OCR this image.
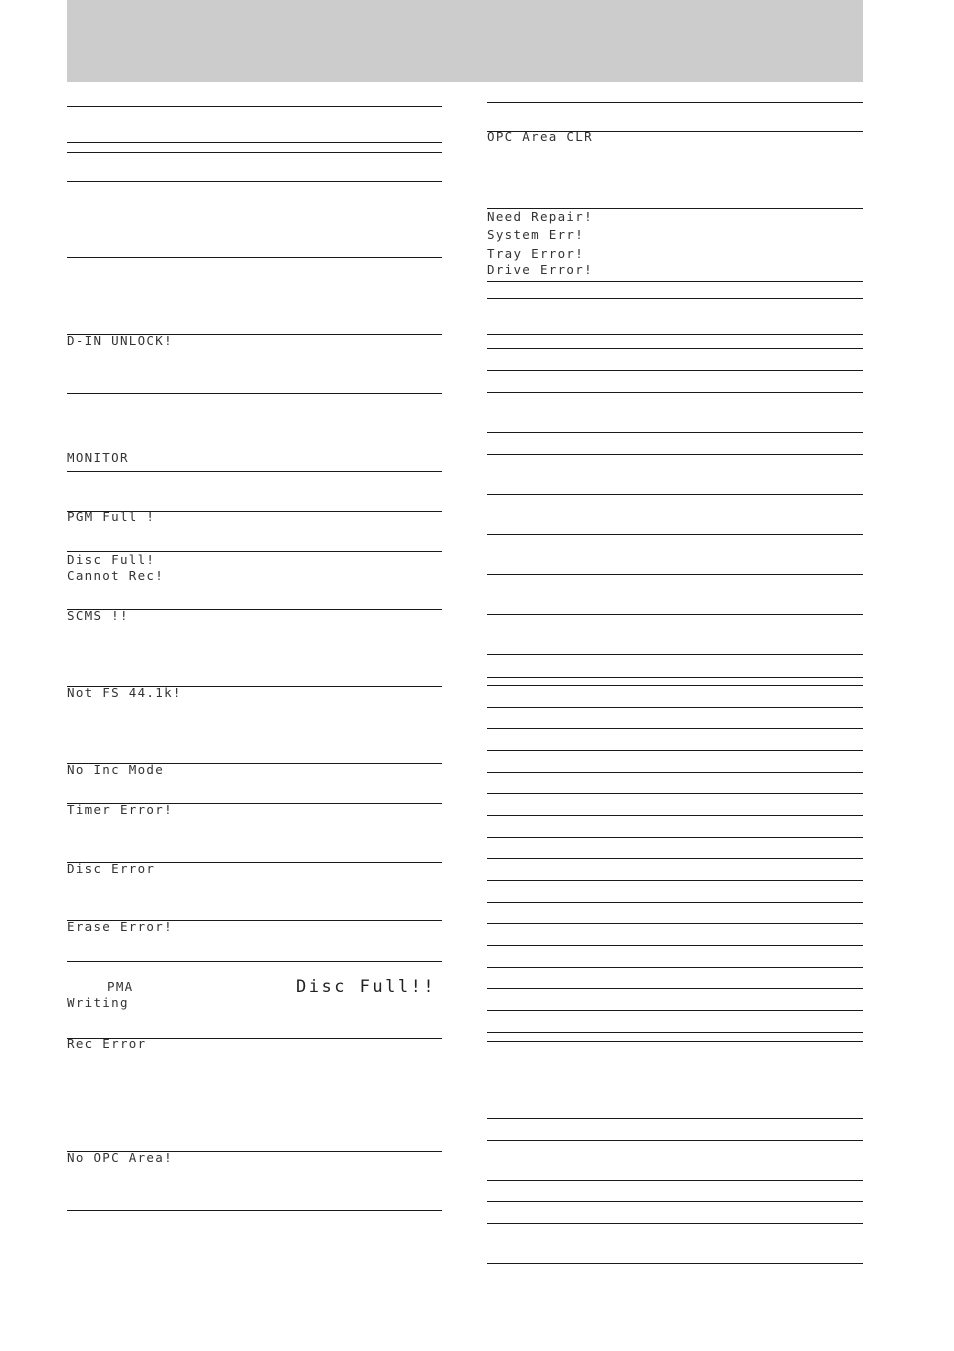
D-IN UNLOCK!

MONITOR

PGM Full !

Disc Full!

Cannot Rec!

SCMS !!

Not FS 44.1k!

No Inc Mode

Timer Error!

Disc Error

Erase Error!

PMA

Writing

Disc Full!!

Rec Error

No OPC Area!

OPC Area CLR

Need Repair!

System Err!

Tray Error!

Drive Error!
